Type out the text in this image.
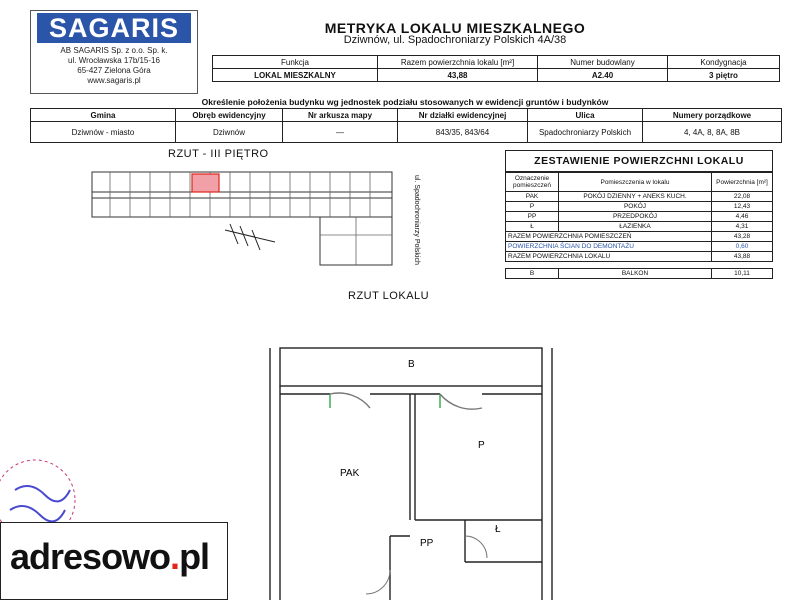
SAGARIS
AB SAGARIS Sp. z o.o. Sp. k.
ul. Wrocławska 17b/15-16
65-427 Zielona Góra
www.sagaris.pl
METRYKA LOKALU MIESZKALNEGO
Dziwnów, ul. Spadochroniarzy Polskich 4A/38
Funkcja	Razem powierzchnia lokalu [m²]	Numer budowlany	Kondygnacja
LOKAL MIESZKALNY	43,88	A2.40	3 piętro
Określenie położenia budynku wg jednostek podziału stosowanych w ewidencji gruntów i budynków
Gmina	Obręb ewidencyjny	Nr arkusza mapy	Nr działki ewidencyjnej	Ulica	Numery porządkowe
Dziwnów - miasto	Dziwnów	—	843/35, 843/64	Spadochroniarzy Polskich	4, 4A, 8, 8A, 8B
RZUT - III PIĘTRO
ul. Spadochroniarzy Polskich
ZESTAWIENIE POWIERZCHNI LOKALU
Oznaczenie pomieszczeń	Pomieszczenia w lokalu	Powierzchnia [m²]
PAK	POKÓJ DZIENNY + ANEKS KUCH.	22,08
P	POKÓJ	12,43
PP	PRZEDPOKÓJ	4,46
Ł	ŁAZIENKA	4,31
RAZEM POWIERZCHNIA POMIESZCZEŃ		43,28
POWIERZCHNIA ŚCIAN DO DEMONTAŻU		0,60
RAZEM POWIERZCHNIA LOKALU		43,88

B	BALKON	10,11
RZUT LOKALU
B
PAK
P
Ł
PP
adresowo.pl
